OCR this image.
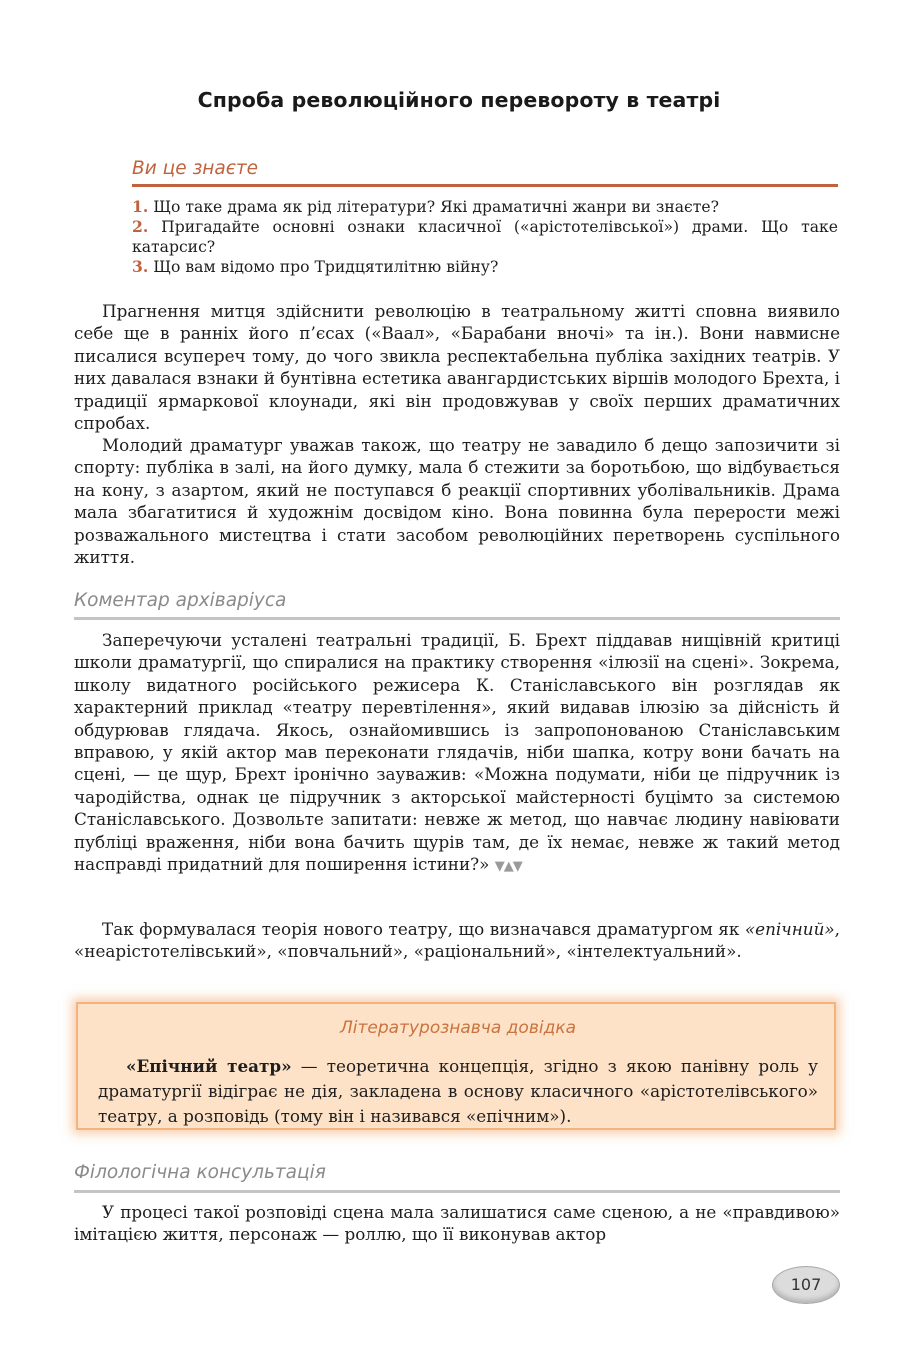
Спроба революційного перевороту в театрі
Ви це знаєте
1. Що таке драма як рід літератури? Які драматичні жанри ви знаєте?
2. Пригадайте основні ознаки класичної («арістотелівської») драми. Що таке катарсис?
3. Що вам відомо про Тридцятилітню війну?

Прагнення митця здійснити революцію в театральному житті сповна виявило себе ще в ранніх його п’єсах («Ваал», «Барабани вночі» та ін.). Вони навмисне писалися всупереч тому, до чого звикла респектабельна публіка західних театрів. У них давалася взнаки й бунтівна естетика авангардистських віршів молодого Брехта, і традиції ярмаркової клоунади, які він продовжував у своїх перших драматичних спробах.

Молодий драматург уважав також, що театру не завадило б дещо запозичити зі спорту: публіка в залі, на його думку, мала б стежити за боротьбою, що відбувається на кону, з азартом, який не поступався б реакції спортивних уболівальників. Драма мала збагатитися й художнім досвідом кіно. Вона повинна була перерости межі розважального мистецтва і стати засобом революційних перетворень суспільного життя.

Коментар архіваріуса

Заперечуючи усталені театральні традиції, Б. Брехт піддавав нищівній критиці школи драматургії, що спиралися на практику створення «ілюзії на сцені». Зокрема, школу видатного російського режисера К. Станіславського він розглядав як характерний приклад «театру перевтілення», який видавав ілюзію за дійсність й обдурював глядача. Якось, ознайомившись із запропонованою Станіславським вправою, у якій актор мав переконати глядачів, ніби шапка, котру вони бачать на сцені, — це щур, Брехт іронічно зауважив: «Можна подумати, ніби це підручник із чародійства, однак це підручник з акторської майстерності буцімто за системою Станіславського. Дозвольте запитати: невже ж метод, що навчає людину навіювати публіці враження, ніби вона бачить щурів там, де їх немає, невже ж такий метод насправді придатний для поширення істини?» ▼▲▼

Так формувалася теорія нового театру, що визначався драматургом як «епічний», «неарістотелівський», «повчальний», «раціональний», «інтелектуальний».

Літературознавча довідка

«Епічний театр» — теоретична концепція, згідно з якою панівну роль у драматургії відіграє не дія, закладена в основу класичного «арістотелівського» театру, а розповідь (тому він і називався «епічним»).

Філологічна консультація

У процесі такої розповіді сцена мала залишатися саме сценою, а не «правдивою» імітацією життя, персонаж — роллю, що її виконував актор

107
